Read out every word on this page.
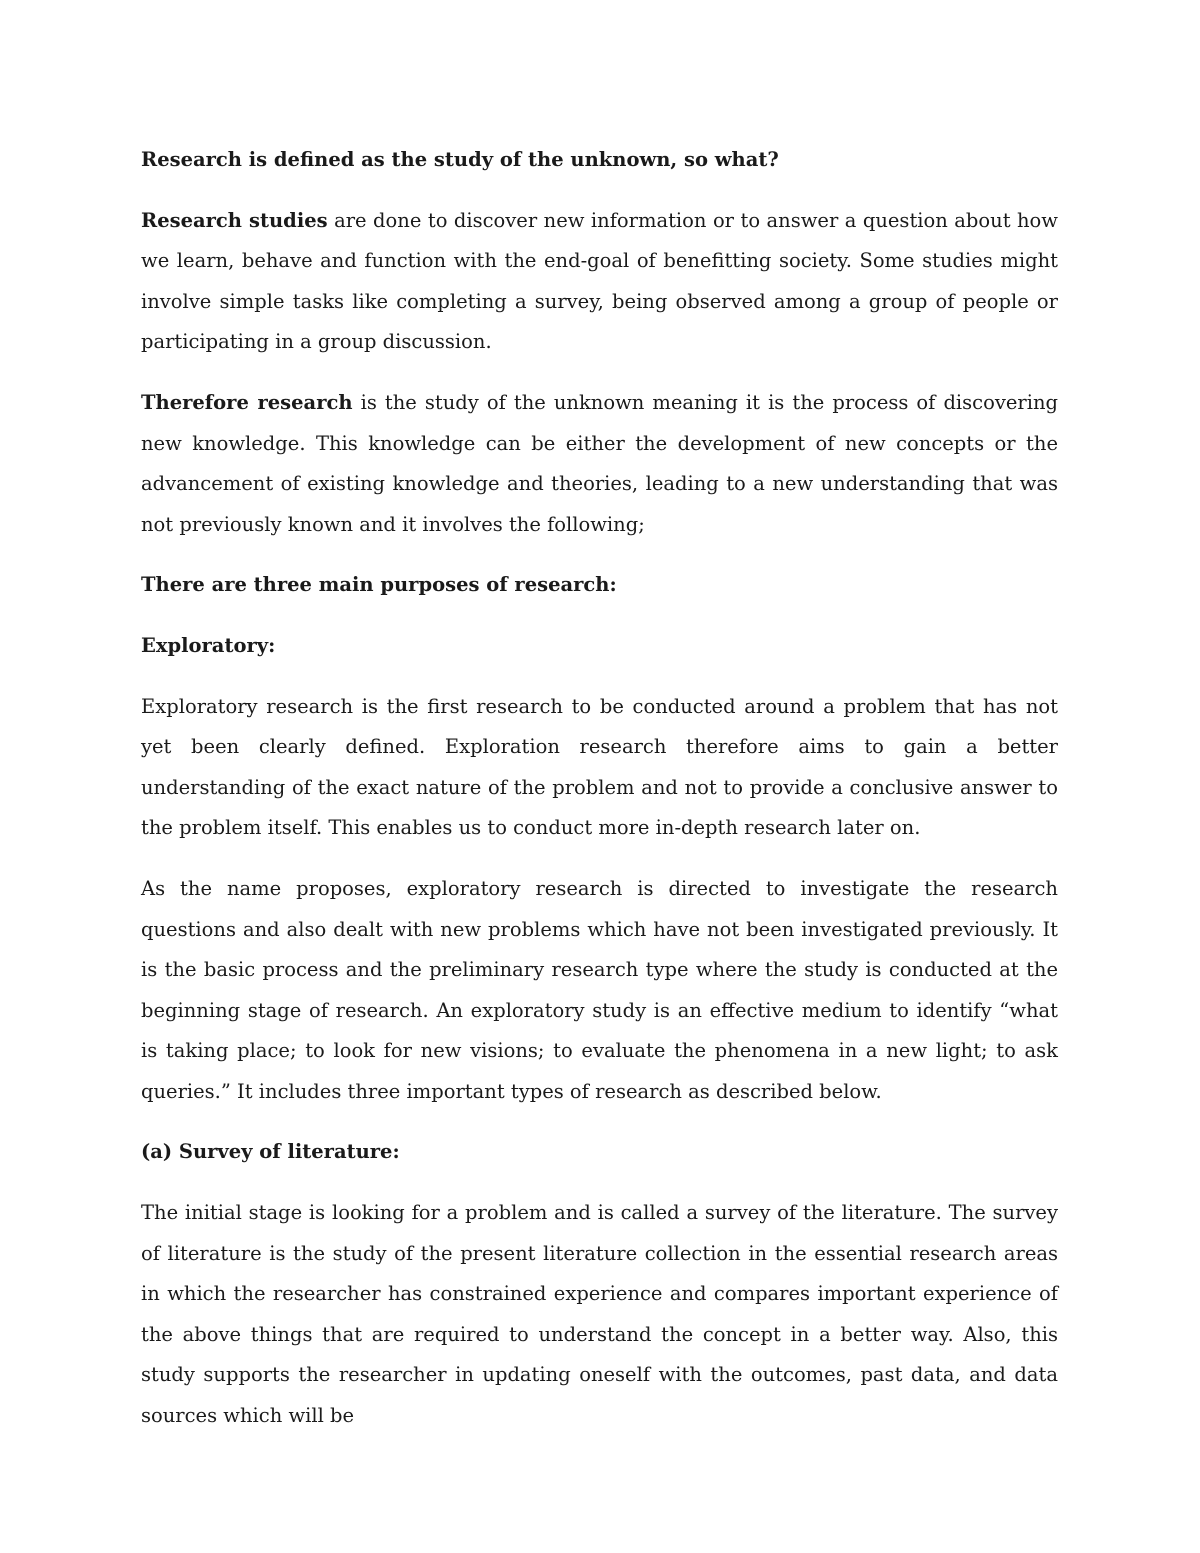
Research is defined as the study of the unknown, so what?

Research studies are done to discover new information or to answer a question about how we learn, behave and function with the end-goal of benefitting society. Some studies might involve simple tasks like completing a survey, being observed among a group of people or participating in a group discussion.

Therefore research is the study of the unknown meaning it is the process of discovering new knowledge. This knowledge can be either the development of new concepts or the advancement of existing knowledge and theories, leading to a new understanding that was not previously known and it involves the following;

There are three main purposes of research:

Exploratory:

Exploratory research is the first research to be conducted around a problem that has not yet been clearly defined. Exploration research therefore aims to gain a better understanding of the exact nature of the problem and not to provide a conclusive answer to the problem itself. This enables us to conduct more in-depth research later on.

As the name proposes, exploratory research is directed to investigate the research questions and also dealt with new problems which have not been investigated previously. It is the basic process and the preliminary research type where the study is conducted at the beginning stage of research. An exploratory study is an effective medium to identify “what is taking place; to look for new visions; to evaluate the phenomena in a new light; to ask queries.” It includes three important types of research as described below.

(a) Survey of literature:

The initial stage is looking for a problem and is called a survey of the literature. The survey of literature is the study of the present literature collection in the essential research areas in which the researcher has constrained experience and compares important experience of the above things that are required to understand the concept in a better way. Also, this study supports the researcher in updating oneself with the outcomes, past data, and data sources which will be
